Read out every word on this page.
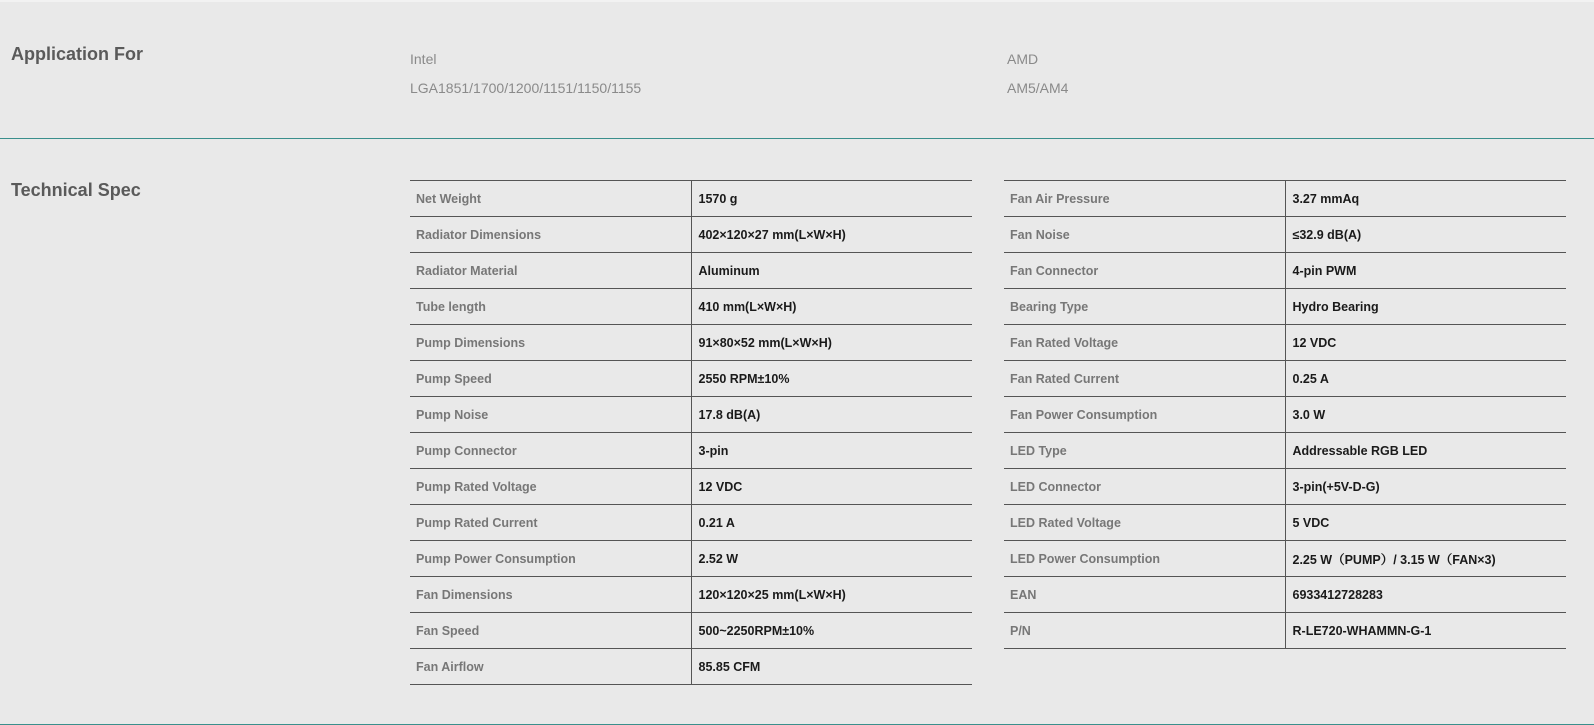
Application For	Intel
LGA1851/1700/1200/1151/1150/1155
AMD
AM5/AM4
Technical Spec	Net Weight	1570 g
Radiator Dimensions	402×120×27 mm(L×W×H)
Radiator Material	Aluminum
Tube length	410 mm(L×W×H)
Pump Dimensions	91×80×52 mm(L×W×H)
Pump Speed	2550 RPM±10%
Pump Noise	17.8 dB(A)
Pump Connector	3-pin
Pump Rated Voltage	12 VDC
Pump Rated Current	0.21 A
Pump Power Consumption	2.52 W
Fan Dimensions	120×120×25 mm(L×W×H)
Fan Speed	500~2250RPM±10%
Fan Airflow	85.85 CFM
Fan Air Pressure	3.27 mmAq
Fan Noise	≤32.9 dB(A)
Fan Connector	4-pin PWM
Bearing Type	Hydro Bearing
Fan Rated Voltage	12 VDC
Fan Rated Current	0.25 A
Fan Power Consumption	3.0 W
LED Type	Addressable RGB LED
LED Connector	3-pin(+5V-D-G)
LED Rated Voltage	5 VDC
LED Power Consumption	2.25 W（PUMP）/ 3.15 W（FAN×3)
EAN	6933412728283
P/N	R-LE720-WHAMMN-G-1
